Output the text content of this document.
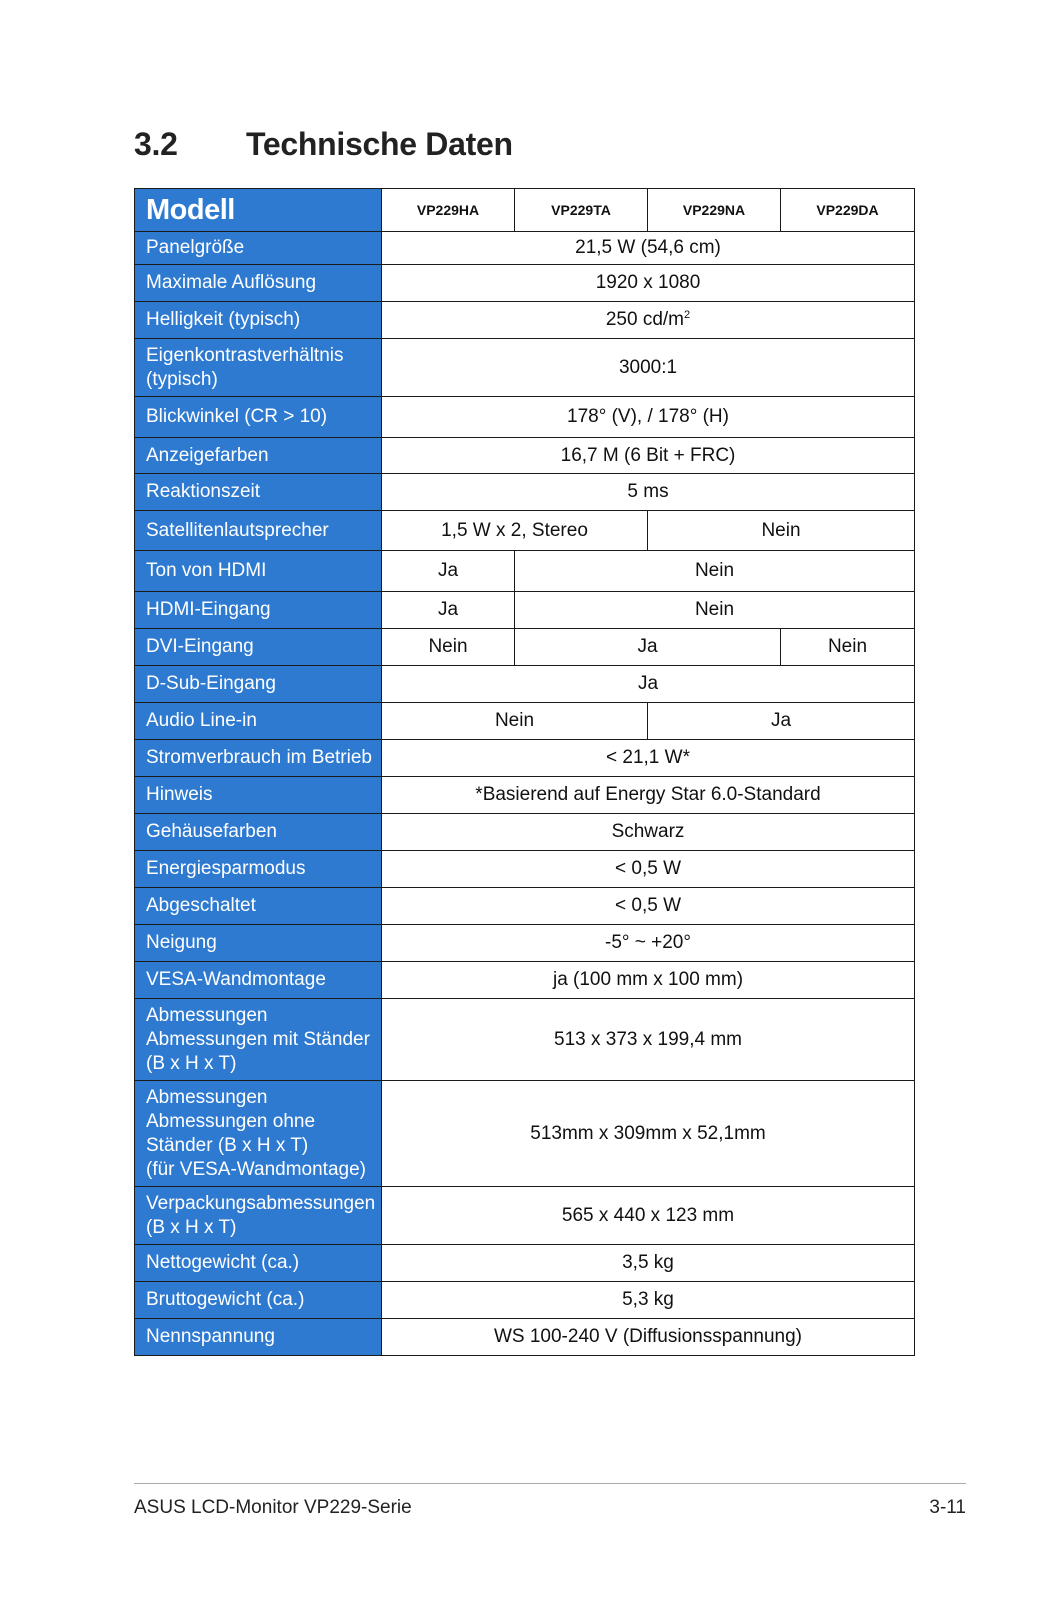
3.2	Technische Daten
Modell	VP229HA	VP229TA	VP229NA	VP229DA
Panelgröße	21,5 W (54,6 cm)			
Maximale Auflösung	1920 x 1080			
Helligkeit (typisch)	250 $cd/m^2$
Eigenkontrastverhältnis
(typisch)	3000:1			
Blickwinkel (CR > 10)	178° (V), / 178° (H)			
Anzeigefarben	16,7 M (6 Bit + FRC)			
Reaktionszeit	5 ms			
Satellitenlautsprecher	1,5 W x 2, Stereo		Nein	
Ton von HDMI	Ja	Nein		
HDMI-Eingang	Ja	Nein		
DVI-Eingang	Nein	Ja		Nein
D-Sub-Eingang	Ja			
Audio Line-in	Nein		Ja	
Stromverbrauch im Betrieb	< 21,1 W*			
Hinweis	*Basierend auf Energy Star 6.0-Standard			
Gehäusefarben	Schwarz			
Energiesparmodus	< 0,5 W			
Abgeschaltet	< 0,5 W			
Neigung	-5° ~ +20°			
VESA-Wandmontage	ja (100 mm x 100 mm)			
Abmessungen
Abmessungen mit Ständer
(B x H x T)	513 x 373 x 199,4 mm			
Abmessungen
Abmessungen ohne
Ständer (B x H x T)
(für VESA-Wandmontage)	513mm x 309mm x 52,1mm			
Verpackungsabmessungen
(B x H x T)	565 x 440 x 123 mm			
Nettogewicht (ca.)	3,5 kg			
Bruttogewicht (ca.)	5,3 kg			
Nennspannung	WS 100-240 V (Diffusionsspannung)			
ASUS LCD-Monitor VP229-Serie	3-11
